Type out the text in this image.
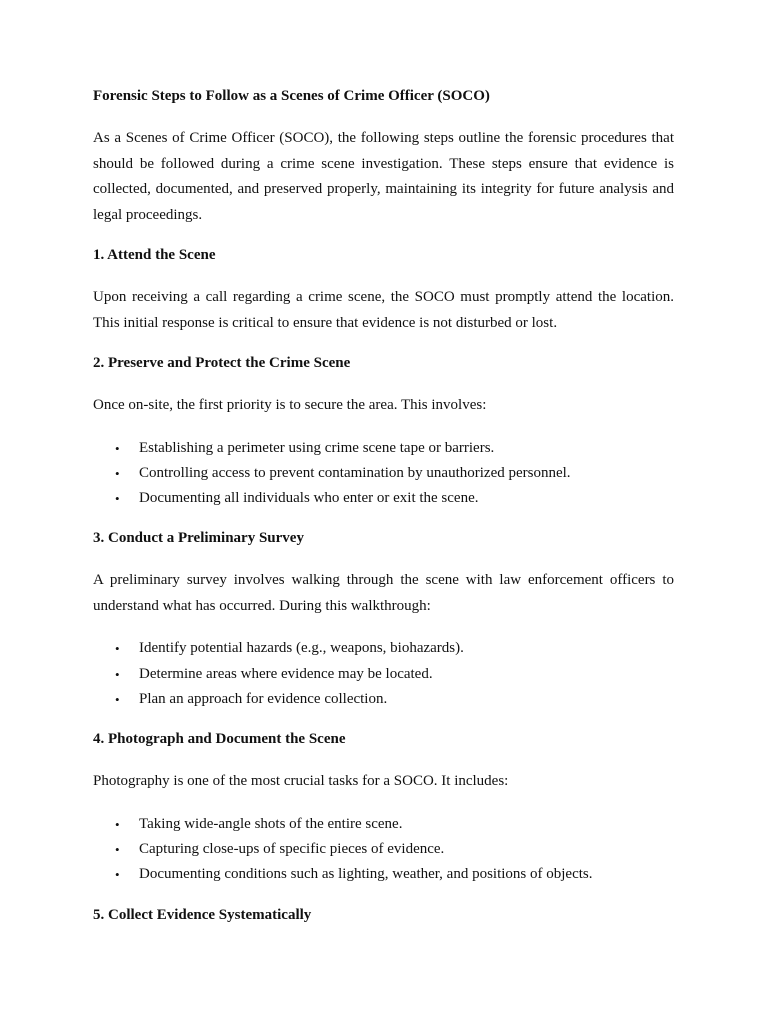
Forensic Steps to Follow as a Scenes of Crime Officer (SOCO)

As a Scenes of Crime Officer (SOCO), the following steps outline the forensic procedures that should be followed during a crime scene investigation. These steps ensure that evidence is collected, documented, and preserved properly, maintaining its integrity for future analysis and legal proceedings.

1. Attend the Scene

Upon receiving a call regarding a crime scene, the SOCO must promptly attend the location. This initial response is critical to ensure that evidence is not disturbed or lost.

2. Preserve and Protect the Crime Scene

Once on-site, the first priority is to secure the area. This involves:

• Establishing a perimeter using crime scene tape or barriers.
• Controlling access to prevent contamination by unauthorized personnel.
• Documenting all individuals who enter or exit the scene.
3. Conduct a Preliminary Survey

A preliminary survey involves walking through the scene with law enforcement officers to understand what has occurred. During this walkthrough:

• Identify potential hazards (e.g., weapons, biohazards).
• Determine areas where evidence may be located.
• Plan an approach for evidence collection.
4. Photograph and Document the Scene

Photography is one of the most crucial tasks for a SOCO. It includes:

• Taking wide-angle shots of the entire scene.
• Capturing close-ups of specific pieces of evidence.
• Documenting conditions such as lighting, weather, and positions of objects.
5. Collect Evidence Systematically
